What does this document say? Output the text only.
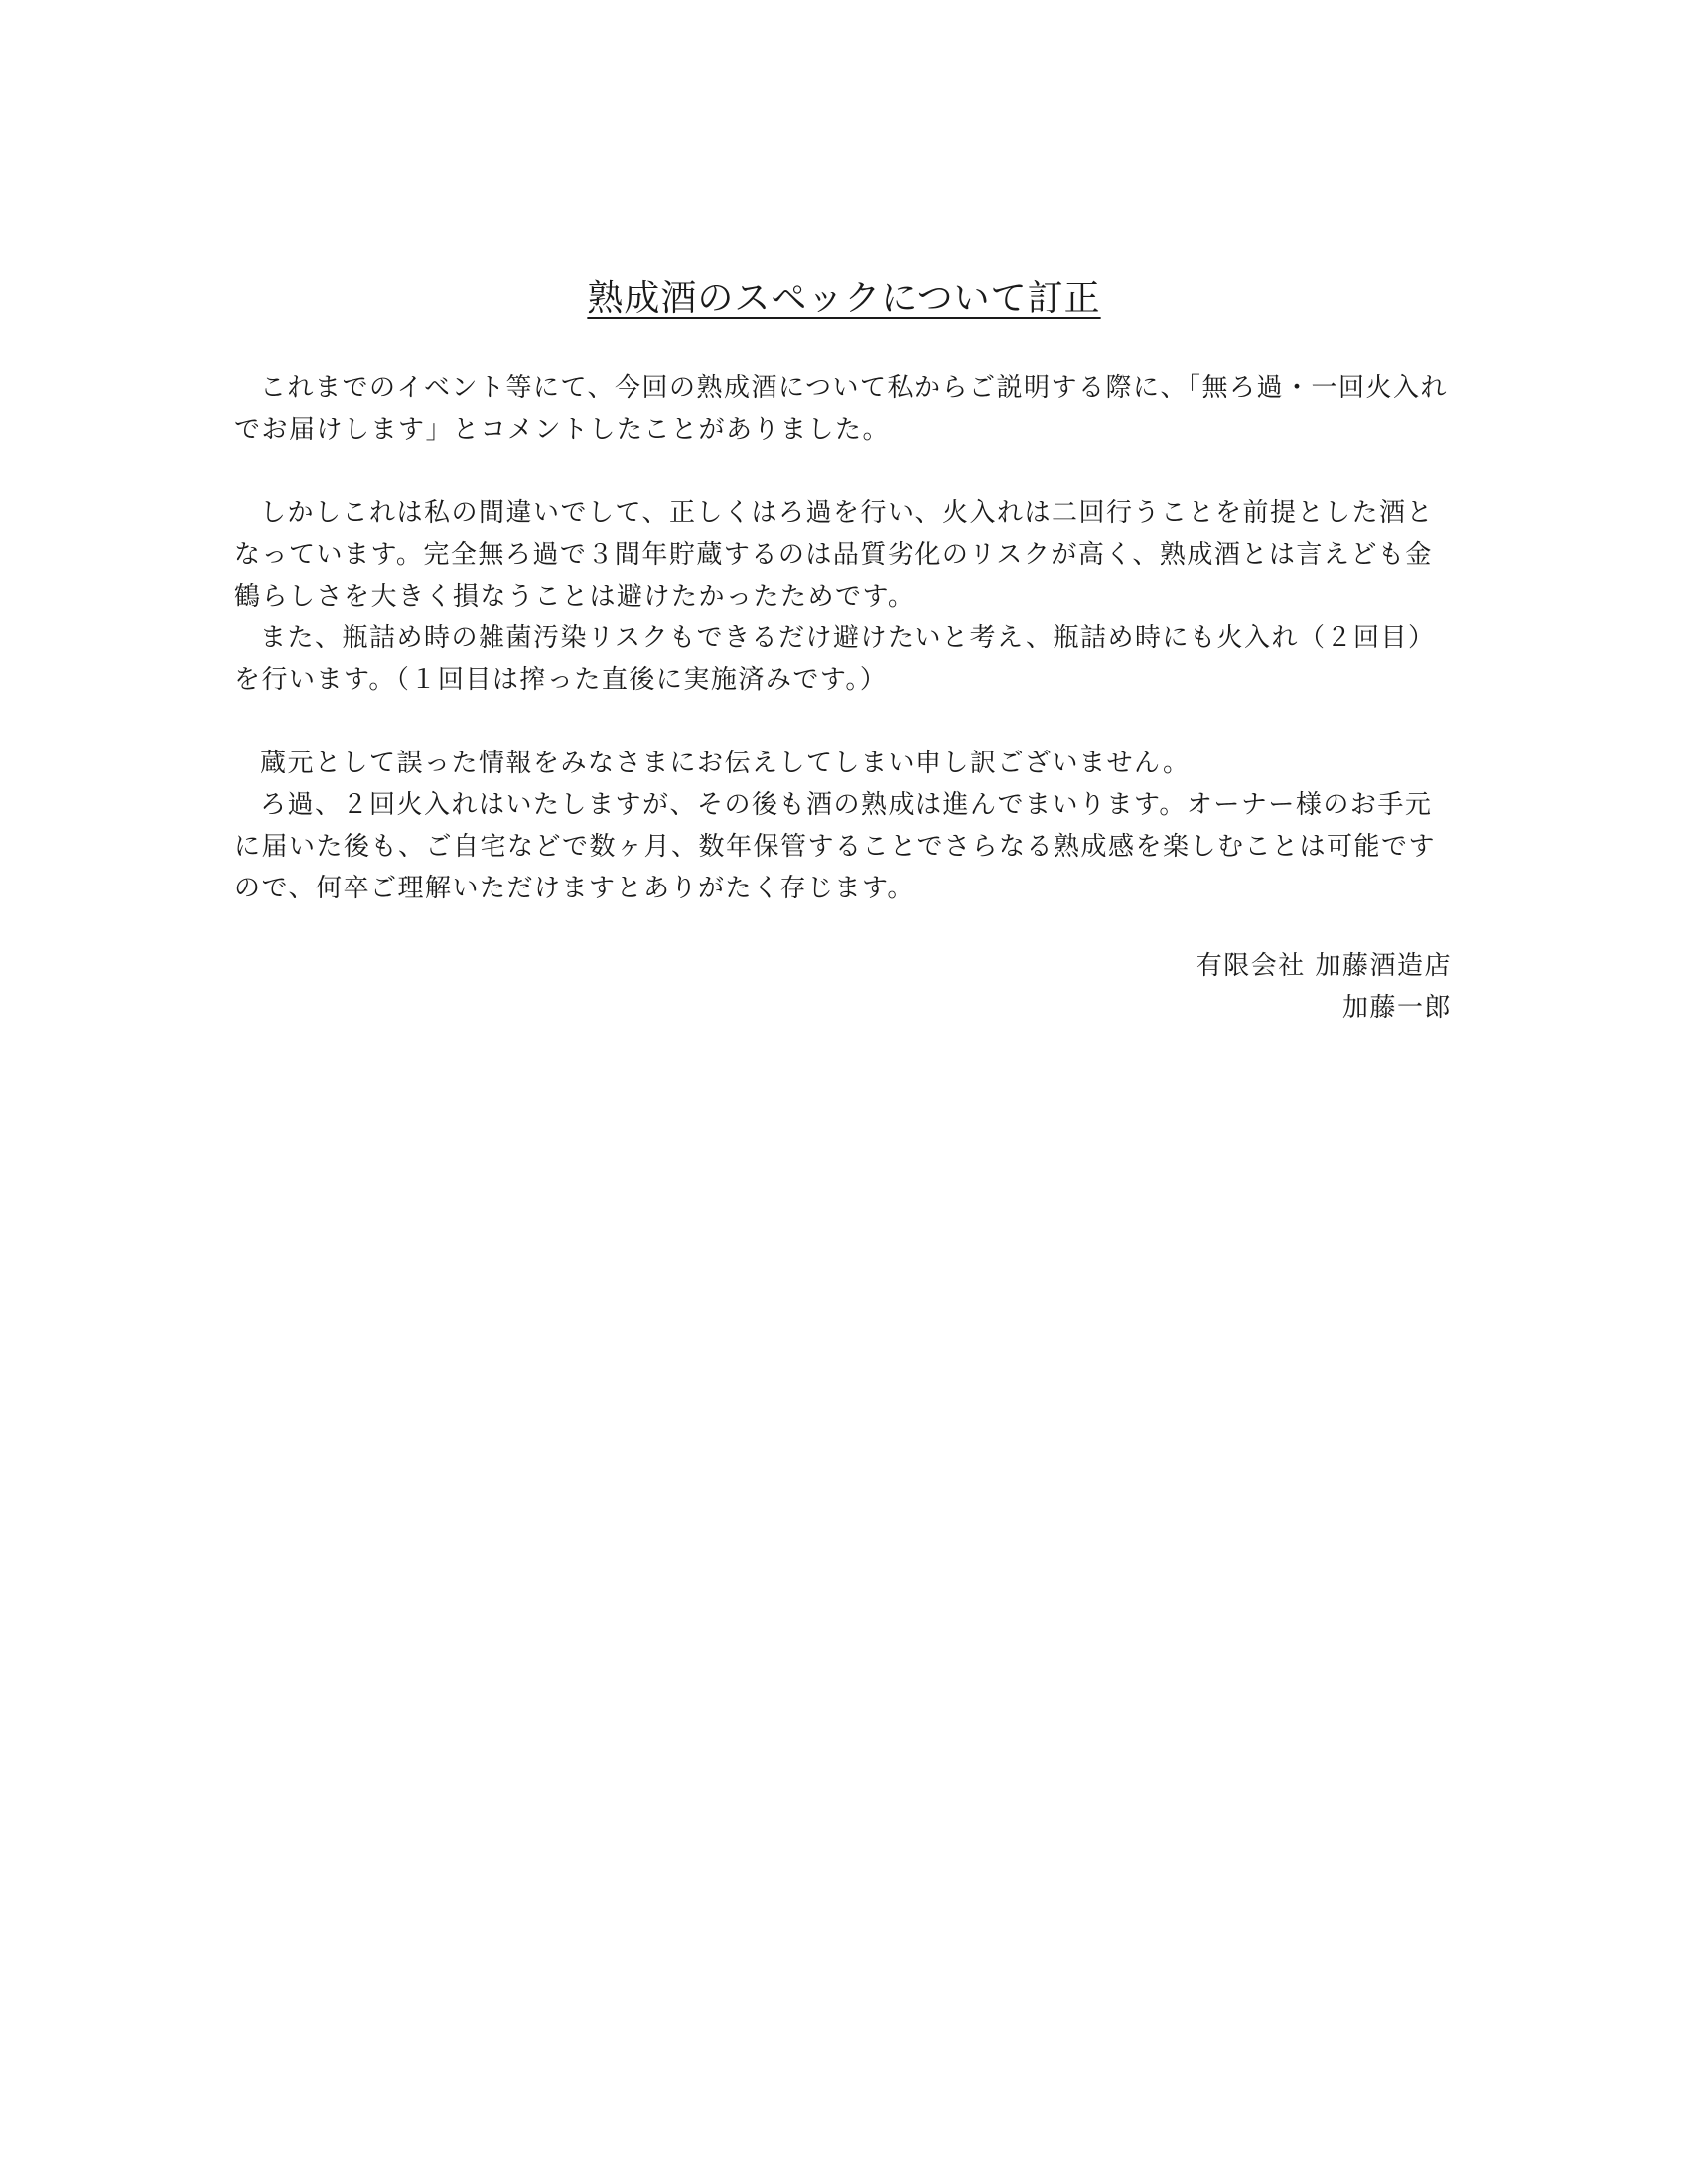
熟成酒のスペックについて訂正

これまでのイベント等にて、今回の熟成酒について私からご説明する際に、「無ろ過・一回火入れでお届けします」とコメントしたことがありました。

しかしこれは私の間違いでして、正しくはろ過を行い、火入れは二回行うことを前提とした酒となっています。完全無ろ過で３間年貯蔵するのは品質劣化のリスクが高く、熟成酒とは言えども金鶴らしさを大きく損なうことは避けたかったためです。

また、瓶詰め時の雑菌汚染リスクもできるだけ避けたいと考え、瓶詰め時にも火入れ（２回目）を行います。（１回目は搾った直後に実施済みです。）

蔵元として誤った情報をみなさまにお伝えしてしまい申し訳ございません。

ろ過、２回火入れはいたしますが、その後も酒の熟成は進んでまいります。オーナー様のお手元に届いた後も、ご自宅などで数ヶ月、数年保管することでさらなる熟成感を楽しむことは可能ですので、何卒ご理解いただけますとありがたく存じます。

有限会社 加藤酒造店
加藤一郎
